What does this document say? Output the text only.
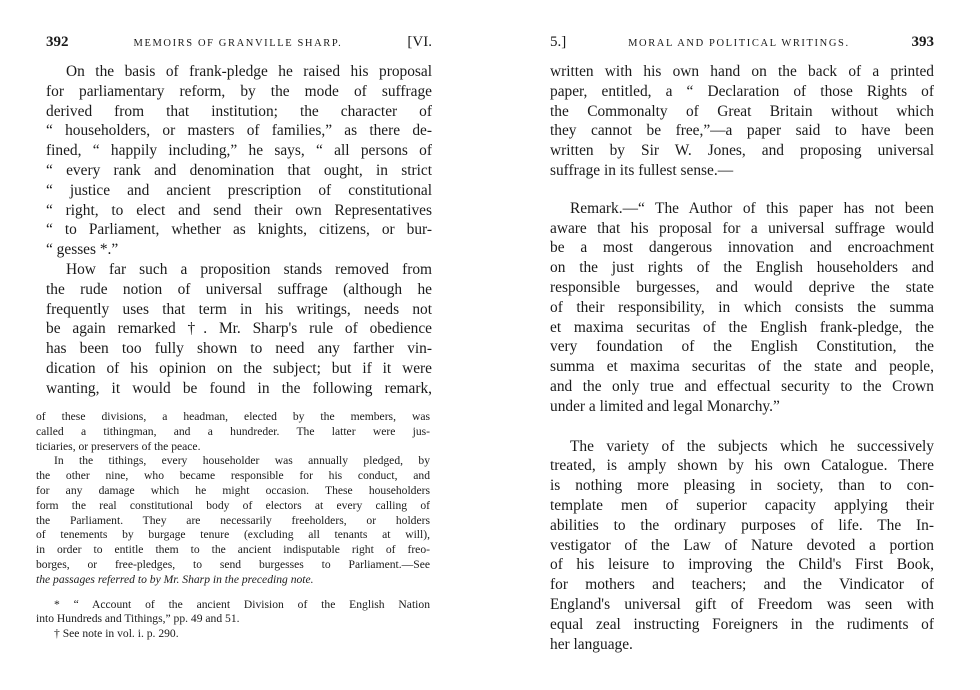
392	MEMOIRS OF GRANVILLE SHARP.	[VI.
On the basis of frank-pledge he raised his proposal
for parliamentary reform, by the mode of suffrage
derived from that institution; the character of
“ householders, or masters of families,” as there de-
fined, “ happily including,” he says, “ all persons of
“ every rank and denomination that ought, in strict
“ justice and ancient prescription of constitutional
“ right, to elect and send their own Representatives
“ to Parliament, whether as knights, citizens, or bur-
“ gesses *.”
How far such a proposition stands removed from
the rude notion of universal suffrage (although he
frequently uses that term in his writings, needs not
be again remarked †. Mr. Sharp's rule of obedience
has been too fully shown to need any farther vin-
dication of his opinion on the subject; but if it were
wanting, it would be found in the following remark,
of these divisions, a headman, elected by the members, was
called a tithingman, and a hundreder. The latter were jus-
ticiaries, or preservers of the peace.
In the tithings, every householder was annually pledged, by
the other nine, who became responsible for his conduct, and
for any damage which he might occasion. These householders
form the real constitutional body of electors at every calling of
the Parliament. They are necessarily freeholders, or holders
of tenements by burgage tenure (excluding all tenants at will),
in order to entitle them to the ancient indisputable right of freo-
borges, or free-pledges, to send burgesses to Parliament.—See
the passages referred to by Mr. Sharp in the preceding note.
* “ Account of the ancient Division of the English Nation
into Hundreds and Tithings,” pp. 49 and 51.
† See note in vol. i. p. 290.
5.]	MORAL AND POLITICAL WRITINGS.	393
written with his own hand on the back of a printed
paper, entitled, a “ Declaration of those Rights of
the Commonalty of Great Britain without which
they cannot be free,”—a paper said to have been
written by Sir W. Jones, and proposing universal
suffrage in its fullest sense.—
Remark.—“ The Author of this paper has not been
aware that his proposal for a universal suffrage would
be a most dangerous innovation and encroachment
on the just rights of the English householders and
responsible burgesses, and would deprive the state
of their responsibility, in which consists the summa
et maxima securitas of the English frank-pledge, the
very foundation of the English Constitution, the
summa et maxima securitas of the state and people,
and the only true and effectual security to the Crown
under a limited and legal Monarchy.”
The variety of the subjects which he successively
treated, is amply shown by his own Catalogue. There
is nothing more pleasing in society, than to con-
template men of superior capacity applying their
abilities to the ordinary purposes of life. The In-
vestigator of the Law of Nature devoted a portion
of his leisure to improving the Child's First Book,
for mothers and teachers; and the Vindicator of
England's universal gift of Freedom was seen with
equal zeal instructing Foreigners in the rudiments of
her language.
